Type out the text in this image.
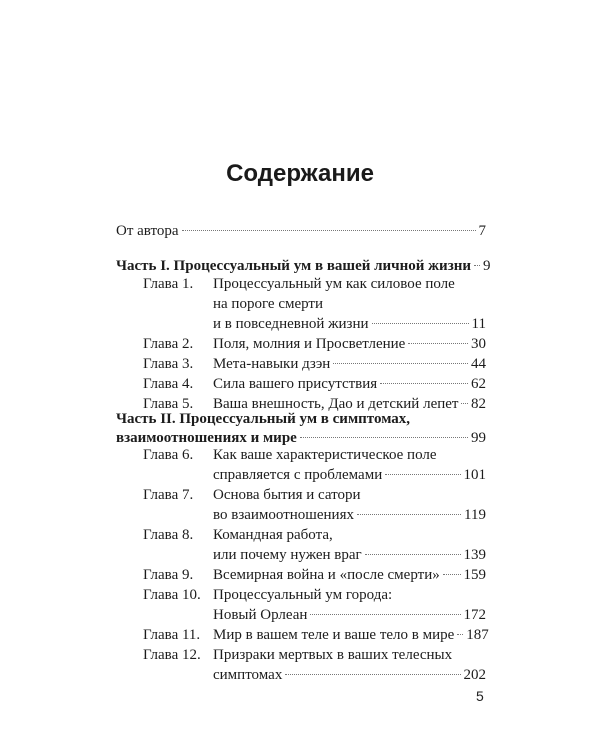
Содержание
От автора	7
Часть I. Процессуальный ум в вашей личной жизни 9
Глава 1. Процессуальный ум как силовое поле
на пороге смерти
и в повседневной жизни	11
Глава 2. Поля, молния и Просветление	30
Глава 3. Мета-навыки дзэн	44
Глава 4. Сила вашего присутствия	62
Глава 5. Ваша внешность, Дао и детский лепет 82
Часть II. Процессуальный ум в симптомах,
взаимоотношениях и мире	99
Глава 6. Как ваше характеристическое поле
справляется с проблемами	101
Глава 7. Основа бытия и сатори
во взаимоотношениях	119
Глава 8. Командная работа,
или почему нужен враг	139
Глава 9. Всемирная война и «после смерти» 159
Глава 10. Процессуальный ум города:
Новый Орлеан	172
Глава 11. Мир в вашем теле и ваше тело в мире 187
Глава 12. Призраки мертвых в ваших телесных
симптомах	202
5
